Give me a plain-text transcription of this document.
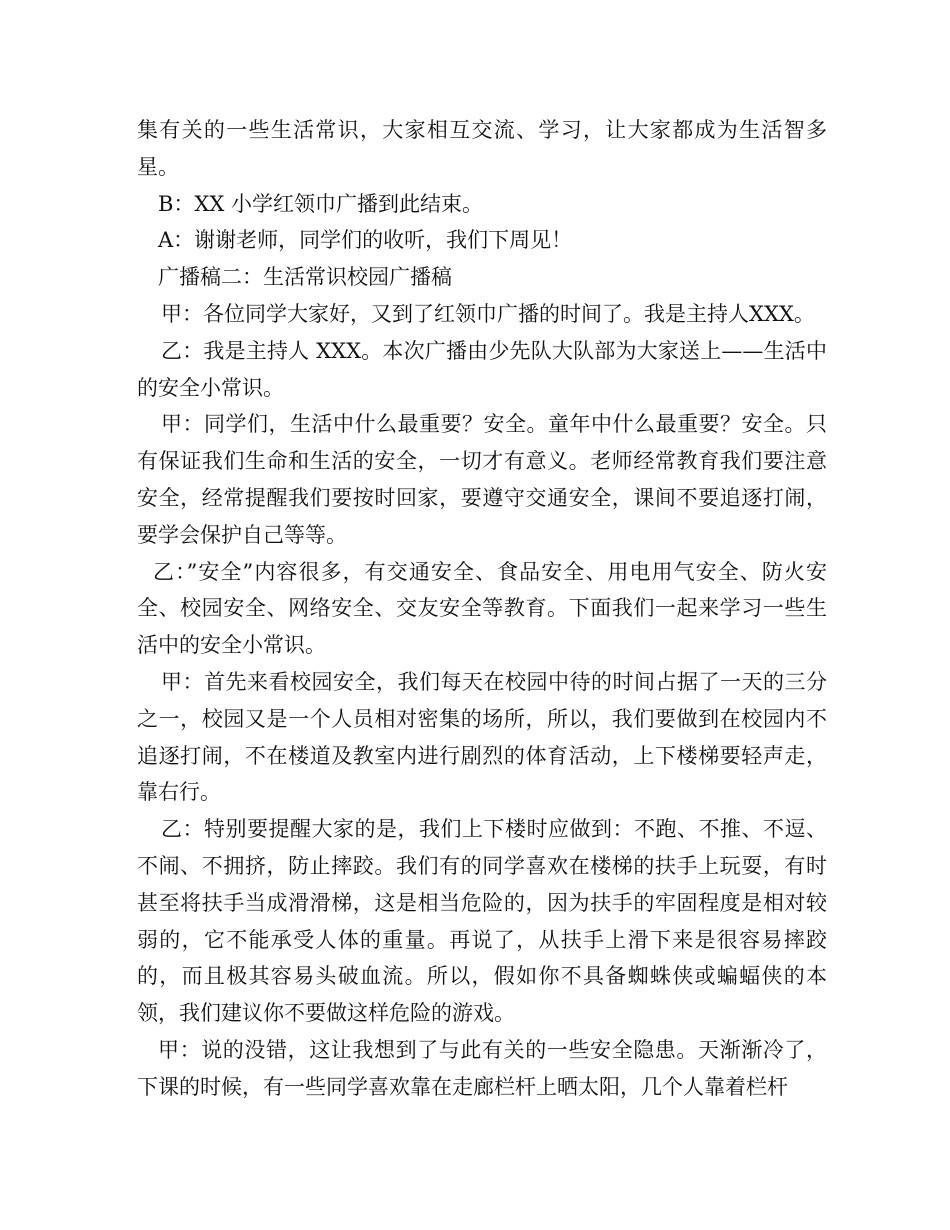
集有关的一些生活常识，大家相互交流、学习，让大家都成为生活智多星。

B：XX 小学红领巾广播到此结束。

A：谢谢老师，同学们的收听，我们下周见！

广播稿二：生活常识校园广播稿

甲：各位同学大家好，又到了红领巾广播的时间了。我是主持人XXX。

乙：我是主持人 XXX。本次广播由少先队大队部为大家送上——生活中的安全小常识。

甲：同学们，生活中什么最重要？安全。童年中什么最重要？安全。只有保证我们生命和生活的安全，一切才有意义。老师经常教育我们要注意安全，经常提醒我们要按时回家，要遵守交通安全，课间不要追逐打闹，要学会保护自己等等。

乙：”安全”内容很多，有交通安全、食品安全、用电用气安全、防火安全、校园安全、网络安全、交友安全等教育。下面我们一起来学习一些生活中的安全小常识。

甲：首先来看校园安全，我们每天在校园中待的时间占据了一天的三分之一，校园又是一个人员相对密集的场所，所以，我们要做到在校园内不追逐打闹，不在楼道及教室内进行剧烈的体育活动，上下楼梯要轻声走，靠右行。

乙：特别要提醒大家的是，我们上下楼时应做到：不跑、不推、不逗、不闹、不拥挤，防止摔跤。我们有的同学喜欢在楼梯的扶手上玩耍，有时甚至将扶手当成滑滑梯，这是相当危险的，因为扶手的牢固程度是相对较弱的，它不能承受人体的重量。再说了，从扶手上滑下来是很容易摔跤的，而且极其容易头破血流。所以，假如你不具备蜘蛛侠或蝙蝠侠的本领，我们建议你不要做这样危险的游戏。

甲：说的没错，这让我想到了与此有关的一些安全隐患。天渐渐冷了，下课的时候，有一些同学喜欢靠在走廊栏杆上晒太阳，几个人靠着栏杆
